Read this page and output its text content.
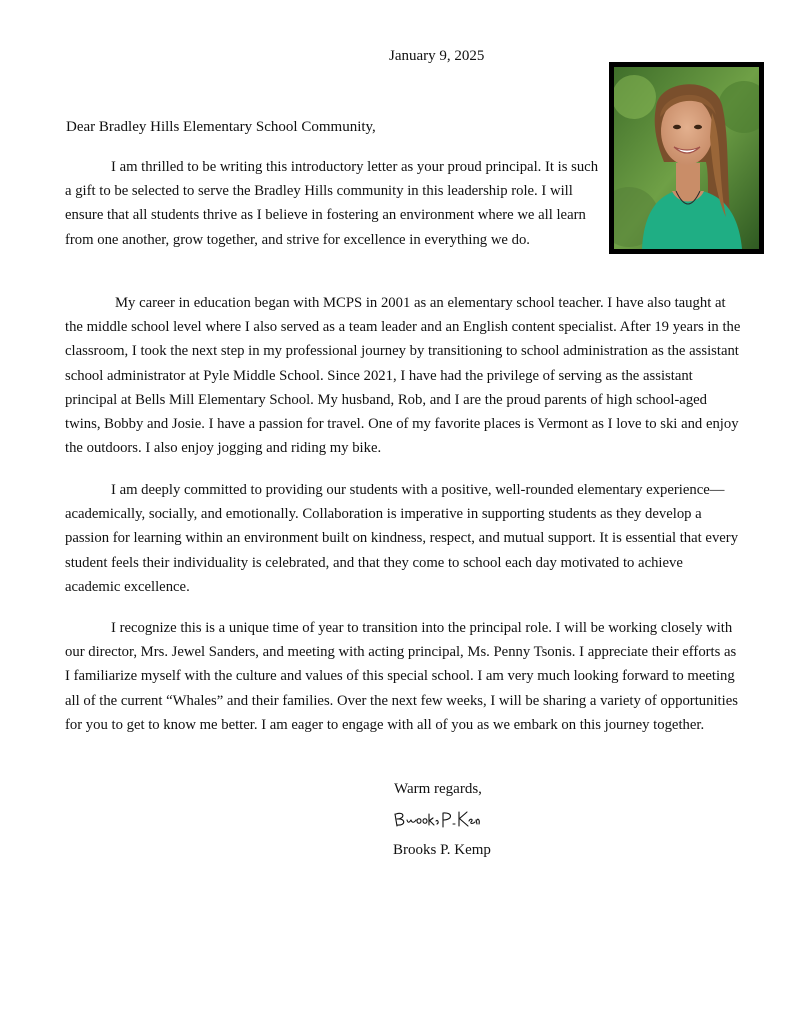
January 9, 2025
Dear Bradley Hills Elementary School Community,

I am thrilled to be writing this introductory letter as your proud principal. It is such a gift to be selected to serve the Bradley Hills community in this leadership role. I will ensure that all students thrive as I believe in fostering an environment where we all learn from one another, grow together, and strive for excellence in everything we do.

My career in education began with MCPS in 2001 as an elementary school teacher. I have also taught at the middle school level where I also served as a team leader and an English content specialist. After 19 years in the classroom, I took the next step in my professional journey by transitioning to school administration as the assistant school administrator at Pyle Middle School. Since 2021, I have had the privilege of serving as the assistant principal at Bells Mill Elementary School. My husband, Rob, and I are the proud parents of high school-aged twins, Bobby and Josie. I have a passion for travel. One of my favorite places is Vermont as I love to ski and enjoy the outdoors. I also enjoy jogging and riding my bike.

I am deeply committed to providing our students with a positive, well-rounded elementary experience—academically, socially, and emotionally. Collaboration is imperative in supporting students as they develop a passion for learning within an environment built on kindness, respect, and mutual support. It is essential that every student feels their individuality is celebrated, and that they come to school each day motivated to achieve academic excellence.

I recognize this is a unique time of year to transition into the principal role. I will be working closely with our director, Mrs. Jewel Sanders, and meeting with acting principal, Ms. Penny Tsonis. I appreciate their efforts as I familiarize myself with the culture and values of this special school. I am very much looking forward to meeting all of the current “Whales” and their families. Over the next few weeks, I will be sharing a variety of opportunities for you to get to know me better. I am eager to engage with all of you as we embark on this journey together.

Warm regards,
Brooks P. Kemp
